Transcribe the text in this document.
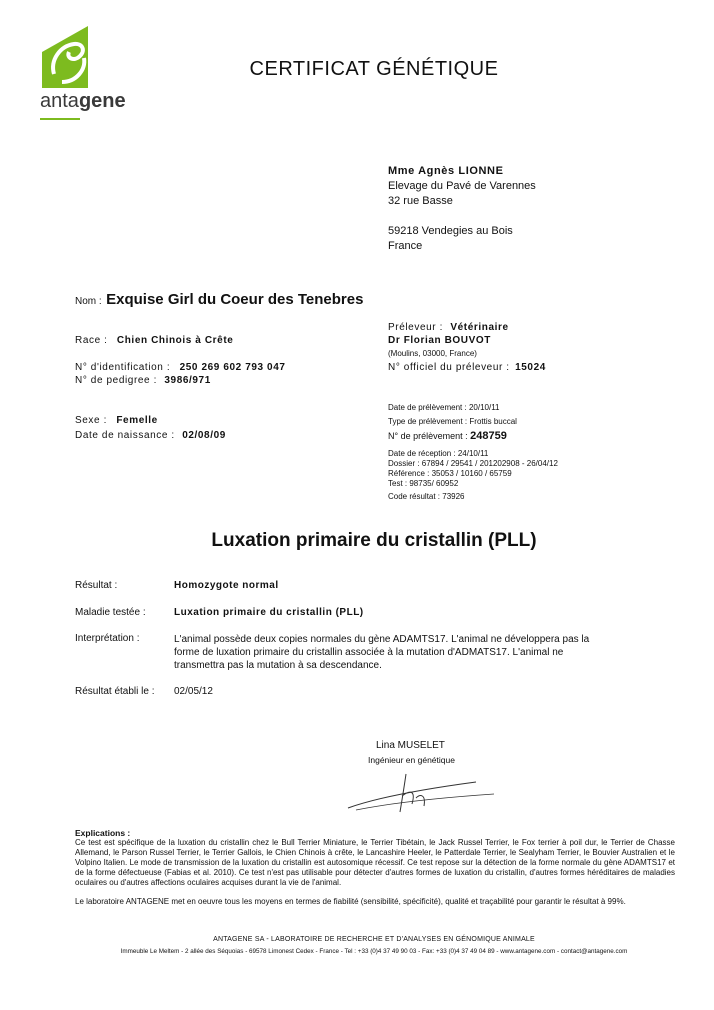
antagene
CERTIFICAT GÉNÉTIQUE
Mme Agnès LIONNE
Elevage du Pavé de Varennes
32 rue Basse
59218 Vendegies au Bois
France
Nom : Exquise Girl du Coeur des Tenebres
Race : Chien Chinois à Crête
N° d'identification : 250 269 602 793 047
N° de pedigree : 3986/971
Sexe : Femelle
Date de naissance : 02/08/09
Préleveur : Vétérinaire
Dr Florian BOUVOT
(Moulins, 03000, France)
N° officiel du préleveur : 15024
Date de prélèvement : 20/10/11
Type de prélèvement : Frottis buccal
N° de prélèvement : 248759
Date de réception : 24/10/11
Dossier : 67894 / 29541 / 201202908 - 26/04/12
Référence : 35053 / 10160 / 65759
Test : 98735/ 60952
Code résultat : 73926
Luxation primaire du cristallin (PLL)
Résultat :	Homozygote normal
Maladie testée :	Luxation primaire du cristallin (PLL)
Interprétation :	L'animal possède deux copies normales du gène ADAMTS17. L'animal ne développera pas la
forme de luxation primaire du cristallin associée à la mutation d'ADMATS17. L'animal ne
transmettra pas la mutation à sa descendance.
Résultat établi le : 02/05/12
Lina MUSELET
Ingénieur en génétique
Explications :
Ce test est spécifique de la luxation du cristallin chez le Bull Terrier Miniature, le Terrier Tibétain, le Jack Russel Terrier, le Fox terrier à poil dur, le Terrier de Chasse Allemand, le Parson Russel Terrier, le Terrier Gallois, le Chien Chinois à crête, le Lancashire Heeler, le Patterdale Terrier, le Sealyham Terrier, le Bouvier Australien et le Volpino Italien. Le mode de transmission de la luxation du cristallin est autosomique récessif. Ce test repose sur la détection de la forme normale du gène ADAMTS17 et de la forme défectueuse (Fabias et al. 2010). Ce test n'est pas utilisable pour détecter d'autres formes de luxation du cristallin, d'autres formes héréditaires de maladies oculaires ou d'autres affections oculaires acquises durant la vie de l'animal.
Le laboratoire ANTAGENE met en oeuvre tous les moyens en termes de fiabilité (sensibilité, spécificité), qualité et traçabilité pour garantir le résultat à 99%.
ANTAGENE SA - LABORATOIRE DE RECHERCHE ET D'ANALYSES EN GÉNOMIQUE ANIMALE
Immeuble Le Meltem - 2 allée des Séquoias - 69578 Limonest Cedex - France - Tel : +33 (0)4 37 49 90 03 - Fax: +33 (0)4 37 49 04 89 - www.antagene.com - contact@antagene.com
